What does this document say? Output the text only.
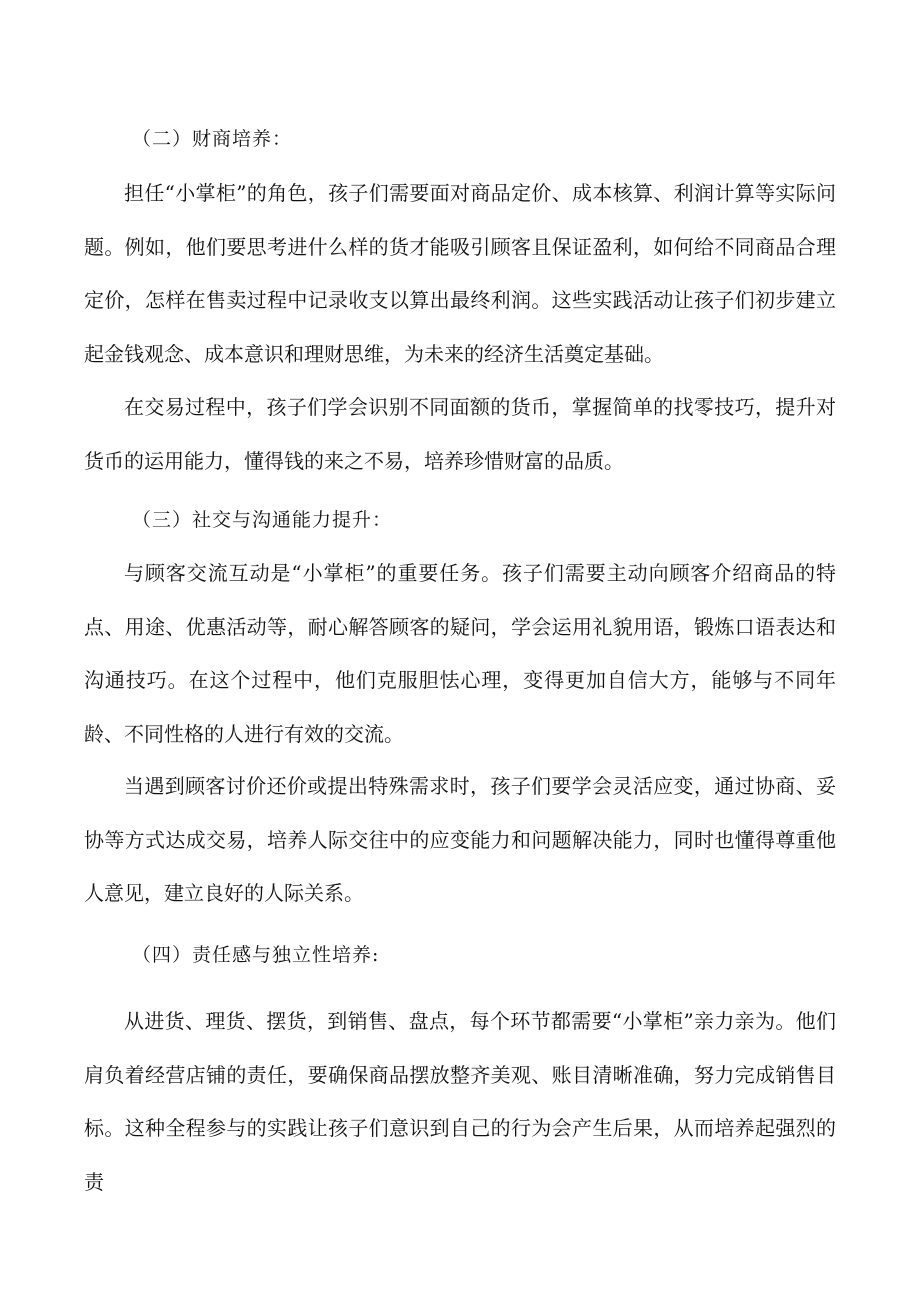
（二）财商培养：

担任“小掌柜”的角色，孩子们需要面对商品定价、成本核算、利润计算等实际问题。例如，他们要思考进什么样的货才能吸引顾客且保证盈利，如何给不同商品合理定价，怎样在售卖过程中记录收支以算出最终利润。这些实践活动让孩子们初步建立起金钱观念、成本意识和理财思维，为未来的经济生活奠定基础。

在交易过程中，孩子们学会识别不同面额的货币，掌握简单的找零技巧，提升对货币的运用能力，懂得钱的来之不易，培养珍惜财富的品质。

（三）社交与沟通能力提升：

与顾客交流互动是“小掌柜”的重要任务。孩子们需要主动向顾客介绍商品的特点、用途、优惠活动等，耐心解答顾客的疑问，学会运用礼貌用语，锻炼口语表达和沟通技巧。在这个过程中，他们克服胆怯心理，变得更加自信大方，能够与不同年龄、不同性格的人进行有效的交流。

当遇到顾客讨价还价或提出特殊需求时，孩子们要学会灵活应变，通过协商、妥协等方式达成交易，培养人际交往中的应变能力和问题解决能力，同时也懂得尊重他人意见，建立良好的人际关系。

（四）责任感与独立性培养:

从进货、理货、摆货，到销售、盘点，每个环节都需要“小掌柜”亲力亲为。他们肩负着经营店铺的责任，要确保商品摆放整齐美观、账目清晰准确，努力完成销售目标。这种全程参与的实践让孩子们意识到自己的行为会产生后果，从而培养起强烈的责
